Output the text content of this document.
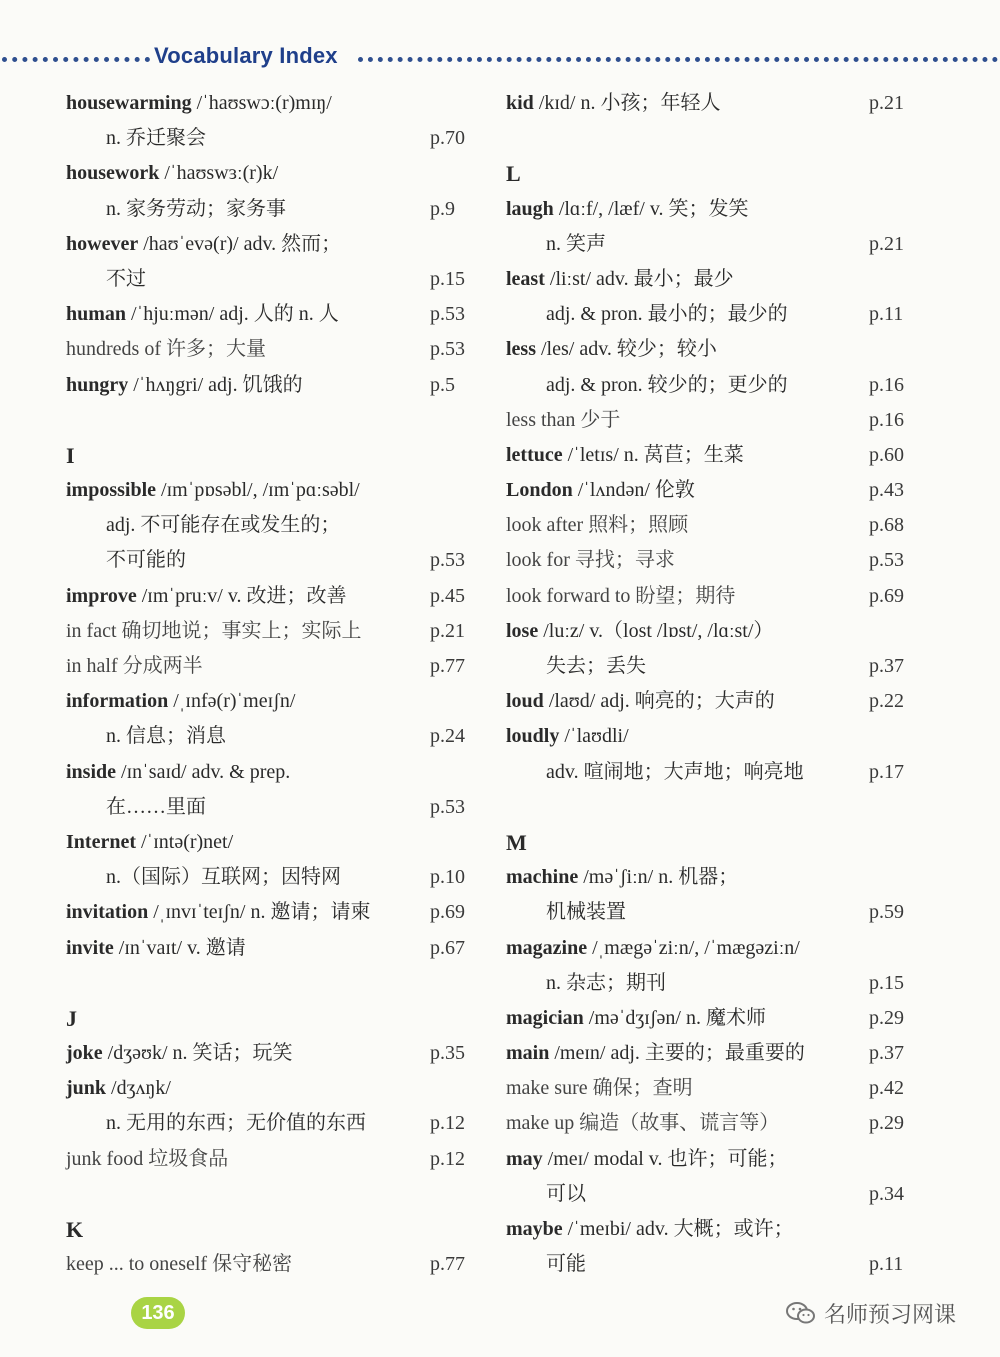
Vocabulary Index
housewarming /ˈhaʊswɔː(r)mɪŋ/
n. 乔迁聚会	p.70
housework /ˈhaʊswɜː(r)k/
n. 家务劳动；家务事	p.9
however /haʊˈevə(r)/ adv. 然而；
不过	p.15
human /ˈhjuːmən/ adj. 人的 n. 人	p.53
hundreds of 许多；大量	p.53
hungry /ˈhʌŋgri/ adj. 饥饿的	p.5
I
impossible /ɪmˈpɒsəbl/, /ɪmˈpɑːsəbl/
adj. 不可能存在或发生的；
不可能的	p.53
improve /ɪmˈpruːv/ v. 改进；改善	p.45
in fact 确切地说；事实上；实际上	p.21
in half 分成两半	p.77
information /ˌɪnfə(r)ˈmeɪʃn/
n. 信息；消息	p.24
inside /ɪnˈsaɪd/ adv. & prep.
在……里面	p.53
Internet /ˈɪntə(r)net/
n.（国际）互联网；因特网	p.10
invitation /ˌɪnvɪˈteɪʃn/ n. 邀请；请柬	p.69
invite /ɪnˈvaɪt/ v. 邀请	p.67
J
joke /dʒəʊk/ n. 笑话；玩笑	p.35
junk /dʒʌŋk/
n. 无用的东西；无价值的东西	p.12
junk food 垃圾食品	p.12
K
keep ... to oneself 保守秘密	p.77
kid /kɪd/ n. 小孩；年轻人	p.21
L
laugh /lɑːf/, /læf/ v. 笑；发笑
n. 笑声	p.21
least /liːst/ adv. 最小；最少
adj. & pron. 最小的；最少的	p.11
less /les/ adv. 较少；较小
adj. & pron. 较少的；更少的	p.16
less than 少于	p.16
lettuce /ˈletɪs/ n. 莴苣；生菜	p.60
London /ˈlʌndən/ 伦敦	p.43
look after 照料；照顾	p.68
look for 寻找；寻求	p.53
look forward to 盼望；期待	p.69
lose /luːz/ v.（lost /lɒst/, /lɑːst/）
失去；丢失	p.37
loud /laʊd/ adj. 响亮的；大声的	p.22
loudly /ˈlaʊdli/
adv. 喧闹地；大声地；响亮地	p.17
M
machine /məˈʃiːn/ n. 机器；
机械装置	p.59
magazine /ˌmægəˈziːn/, /ˈmægəziːn/
n. 杂志；期刊	p.15
magician /məˈdʒɪʃən/ n. 魔术师	p.29
main /meɪn/ adj. 主要的；最重要的	p.37
make sure 确保；查明	p.42
make up 编造（故事、谎言等）	p.29
may /meɪ/ modal v. 也许；可能；
可以	p.34
maybe /ˈmeɪbi/ adv. 大概；或许；
可能	p.11
136	名师预习网课
